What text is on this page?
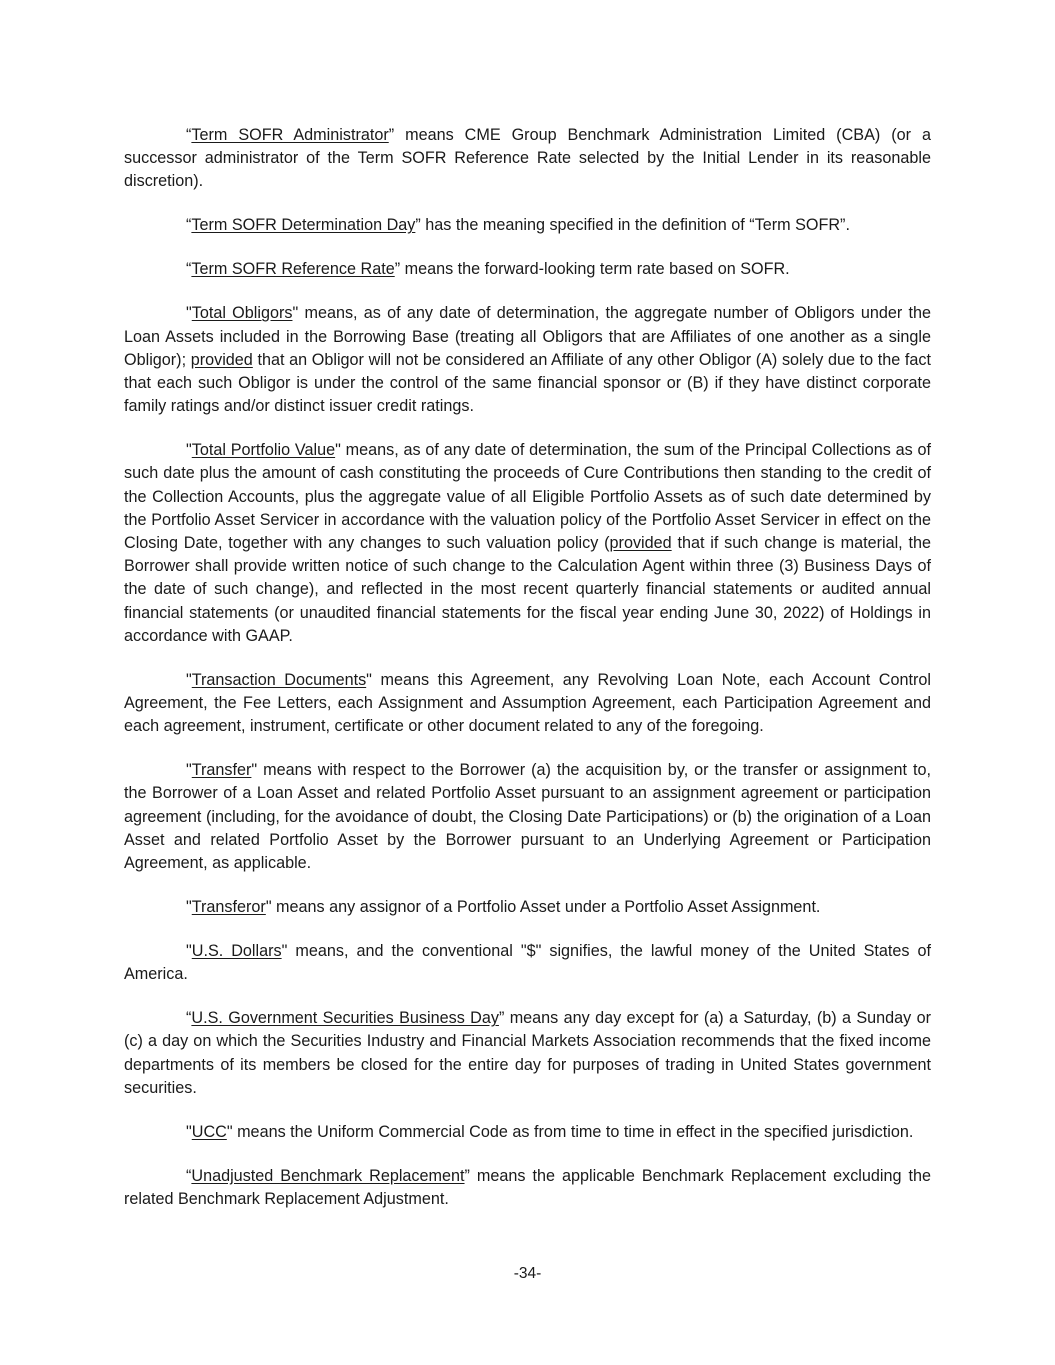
“Term SOFR Administrator” means CME Group Benchmark Administration Limited (CBA) (or a successor administrator of the Term SOFR Reference Rate selected by the Initial Lender in its reasonable discretion).

“Term SOFR Determination Day” has the meaning specified in the definition of “Term SOFR”.

“Term SOFR Reference Rate” means the forward-looking term rate based on SOFR.

"Total Obligors" means, as of any date of determination, the aggregate number of Obligors under the Loan Assets included in the Borrowing Base (treating all Obligors that are Affiliates of one another as a single Obligor); provided that an Obligor will not be considered an Affiliate of any other Obligor (A) solely due to the fact that each such Obligor is under the control of the same financial sponsor or (B) if they have distinct corporate family ratings and/or distinct issuer credit ratings.

"Total Portfolio Value" means, as of any date of determination, the sum of the Principal Collections as of such date plus the amount of cash constituting the proceeds of Cure Contributions then standing to the credit of the Collection Accounts, plus the aggregate value of all Eligible Portfolio Assets as of such date determined by the Portfolio Asset Servicer in accordance with the valuation policy of the Portfolio Asset Servicer in effect on the Closing Date, together with any changes to such valuation policy (provided that if such change is material, the Borrower shall provide written notice of such change to the Calculation Agent within three (3) Business Days of the date of such change), and reflected in the most recent quarterly financial statements or audited annual financial statements (or unaudited financial statements for the fiscal year ending June 30, 2022) of Holdings in accordance with GAAP.

"Transaction Documents" means this Agreement, any Revolving Loan Note, each Account Control Agreement, the Fee Letters, each Assignment and Assumption Agreement, each Participation Agreement and each agreement, instrument, certificate or other document related to any of the foregoing.

"Transfer" means with respect to the Borrower (a) the acquisition by, or the transfer or assignment to, the Borrower of a Loan Asset and related Portfolio Asset pursuant to an assignment agreement or participation agreement (including, for the avoidance of doubt, the Closing Date Participations) or (b) the origination of a Loan Asset and related Portfolio Asset by the Borrower pursuant to an Underlying Agreement or Participation Agreement, as applicable.

"Transferor" means any assignor of a Portfolio Asset under a Portfolio Asset Assignment.

"U.S. Dollars" means, and the conventional "$" signifies, the lawful money of the United States of America.

“U.S. Government Securities Business Day” means any day except for (a) a Saturday, (b) a Sunday or (c) a day on which the Securities Industry and Financial Markets Association recommends that the fixed income departments of its members be closed for the entire day for purposes of trading in United States government securities.

"UCC" means the Uniform Commercial Code as from time to time in effect in the specified jurisdiction.

“Unadjusted Benchmark Replacement” means the applicable Benchmark Replacement excluding the related Benchmark Replacement Adjustment.

-34-
